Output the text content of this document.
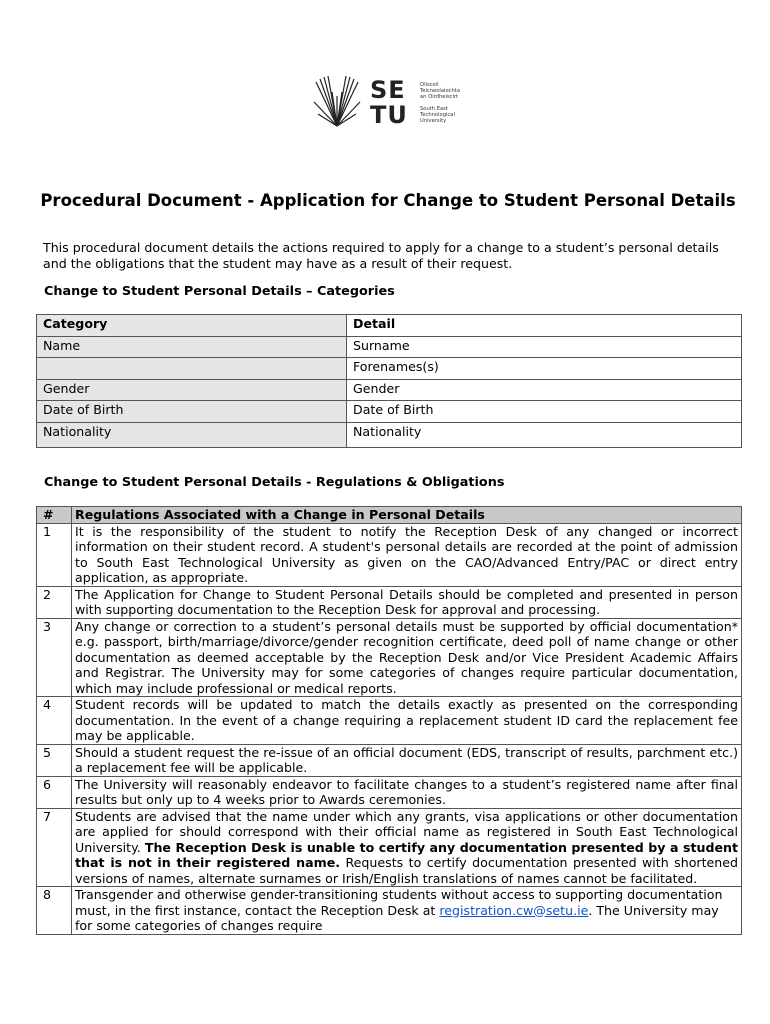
SE
TU
Ollscoil
Teicneolaíochta
an Oirdheiscirt
South East
Technological
University
Procedural Document - Application for Change to Student Personal Details

This procedural document details the actions required to apply for a change to a student’s personal details and the obligations that the student may have as a result of their request.

Change to Student Personal Details – Categories

Category	Detail
Name	Surname
	Forenames(s)
Gender	Gender
Date of Birth	Date of Birth
Nationality	Nationality

Change to Student Personal Details - Regulations & Obligations

#	Regulations Associated with a Change in Personal Details
1	It is the responsibility of the student to notify the Reception Desk of any changed or incorrect information on their student record. A student's personal details are recorded at the point of admission to South East Technological University as given on the CAO/Advanced Entry/PAC or direct entry application, as appropriate.
2	The Application for Change to Student Personal Details should be completed and presented in person with supporting documentation to the Reception Desk for approval and processing.
3	Any change or correction to a student’s personal details must be supported by official documentation* e.g. passport, birth/marriage/divorce/gender recognition certificate, deed poll of name change or other documentation as deemed acceptable by the Reception Desk and/or Vice President Academic Affairs and Registrar. The University may for some categories of changes require particular documentation, which may include professional or medical reports.
4	Student records will be updated to match the details exactly as presented on the corresponding documentation. In the event of a change requiring a replacement student ID card the replacement fee may be applicable.
5	Should a student request the re-issue of an official document (EDS, transcript of results, parchment etc.) a replacement fee will be applicable.
6	The University will reasonably endeavor to facilitate changes to a student’s registered name after final results but only up to 4 weeks prior to Awards ceremonies.
7	Students are advised that the name under which any grants, visa applications or other documentation are applied for should correspond with their official name as registered in South East Technological University. The Reception Desk is unable to certify any documentation presented by a student that is not in their registered name. Requests to certify documentation presented with shortened versions of names, alternate surnames or Irish/English translations of names cannot be facilitated.
8	Transgender and otherwise gender-transitioning students without access to supporting documentation must, in the first instance, contact the Reception Desk at registration.cw@setu.ie. The University may for some categories of changes require
